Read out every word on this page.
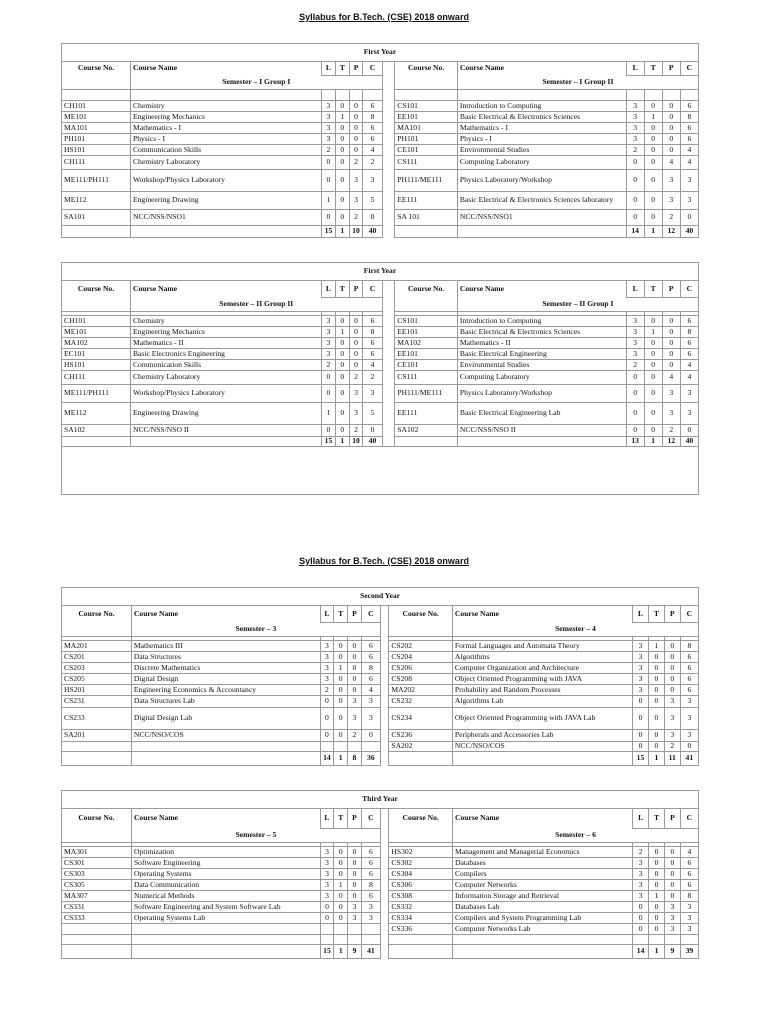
Syllabus for B.Tech. (CSE) 2018 onward
First Year												
Course No.	Course Name	L	T	P	C		Course No.	Course Name	L	T	P	C
	Semester – I Group I							Semester – I Group II				

CH101	Chemistry	3	0	0	6		CS101	Introduction to Computing	3	0	0	6
ME101	Engineering Mechanics	3	1	0	8		EE101	Basic Electrical & Electronics Sciences	3	1	0	8
MA101	Mathematics - I	3	0	0	6		MA101	Mathematics - I	3	0	0	6
PH101	Physics - I	3	0	0	6		PH101	Physics - I	3	0	0	6
HS101	Communication Skills	2	0	0	4		CE101	Environmental Studies	2	0	0	4
CH111	Chemistry Laboratory	0	0	2	2		CS111	Computing Laboratory	0	0	4	4
ME111/PH111	Workshop/Physics Laboratory	0	0	3	3		PH111/ME111	Physics Laboratory/Workshop	0	0	3	3
ME112	Engineering Drawing	1	0	3	5		EE111	Basic Electrical & Electronics Sciences laboratory	0	0	3	3
SA101	NCC/NSS/NSO1	0	0	2	0		SA 101	NCC/NSS/NSO1	0	0	2	0
		15	1	10	40				14	1	12	40
First Year												
Course No.	Course Name	L	T	P	C		Course No.	Course Name	L	T	P	C
	Semester – II Group II							Semester – II Group I				

CH101	Chemistry	3	0	0	6		CS101	Introduction to Computing	3	0	0	6
ME101	Engineering Mechanics	3	1	0	8		EE101	Basic Electrical & Electronics Sciences	3	1	0	8
MA102	Mathematics - II	3	0	0	6		MA102	Mathematics - II	3	0	0	6
EC101	Basic Electronics Engineering	3	0	0	6		EE101	Basic Electrical Engineering	3	0	0	6
HS101	Communication Skills	2	0	0	4		CE101	Environmental Studies	2	0	0	4
CH111	Chemistry Laboratory	0	0	2	2		CS111	Computing Laboratory	0	0	4	4
ME111/PH111	Workshop/Physics Laboratory	0	0	3	3		PH111/ME111	Physics Laboratory/Workshop	0	0	3	3
ME112	Engineering Drawing	1	0	3	5		EE111	Basic Electrical Engineering Lab	0	0	3	3
SA102	NCC/NSS/NSO II	0	0	2	0		SA102	NCC/NSS/NSO II	0	0	2	0
		15	1	10	40				13	1	12	40

Syllabus for B.Tech. (CSE) 2018 onward
Second Year												
Course No.	Course Name	L	T	P	C		Course No.	Course Name	L	T	P	C
	Semester – 3							Semester – 4				

MA201	Mathematics III	3	0	0	6		CS202	Formal Languages and Automata Theory	3	1	0	8
CS201	Data Structures	3	0	0	6		CS204	Algorithms	3	0	0	6
CS203	Discrete Mathematics	3	1	0	8		CS206	Computer Organization and Architecture	3	0	0	6
CS205	Digital Design	3	0	0	6		CS208	Object Oriented Programming with JAVA	3	0	0	6
HS201	Engineering Economics & Accountancy	2	0	0	4		MA202	Probability and Random Processes	3	0	0	6
CS231	Data Structures Lab	0	0	3	3		CS232	Algorithms Lab	0	0	3	3
CS233	Digital Design Lab	0	0	3	3		CS234	Object Oriented Programming with JAVA Lab	0	0	3	3
SA201	NCC/NSO/COS	0	0	2	0		CS236	Peripherals and Accessories Lab	0	0	3	3
							SA202	NCC/NSO/COS	0	0	2	0
		14	1	8	36				15	1	11	41
Third Year												
Course No.	Course Name	L	T	P	C		Course No.	Course Name	L	T	P	C
	Semester – 5							Semester – 6				

MA301	Optimization	3	0	0	6		HS302	Management and Managerial Economics	2	0	0	4
CS301	Software Engineering	3	0	0	6		CS302	Databases	3	0	0	6
CS303	Operating Systems	3	0	0	6		CS304	Compilers	3	0	0	6
CS305	Data Communication	3	1	0	8		CS306	Computer Networks	3	0	0	6
MA307	Numerical Methods	3	0	0	6		CS308	Information Storage and Retrieval	3	1	0	8
CS331	Software Engineering and System Software Lab	0	0	3	3		CS332	Databases Lab	0	0	3	3
CS333	Operating Systems Lab	0	0	3	3		CS334	Compilers and System Programming Lab	0	0	3	3
							CS336	Computer Networks Lab	0	0	3	3

		15	1	9	41				14	1	9	39
